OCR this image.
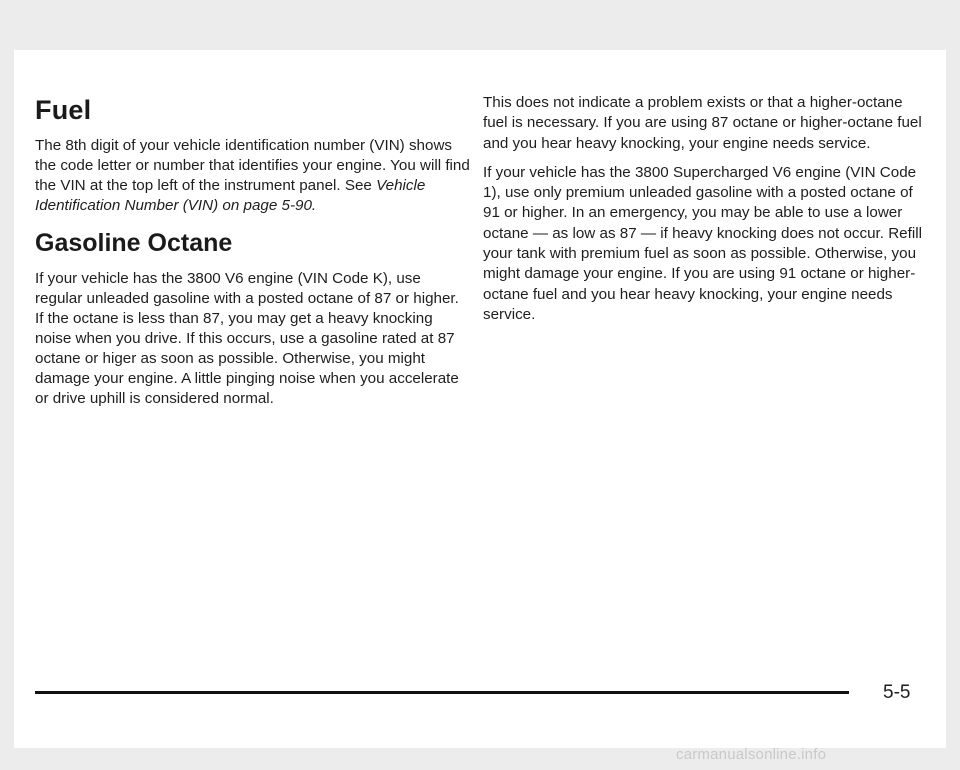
Fuel

The 8th digit of your vehicle identification number (VIN) shows the code letter or number that identifies your engine. You will find the VIN at the top left of the instrument panel. See Vehicle Identification Number (VIN) on page 5-90.

Gasoline Octane

If your vehicle has the 3800 V6 engine (VIN Code K), use regular unleaded gasoline with a posted octane of 87 or higher. If the octane is less than 87, you may get a heavy knocking noise when you drive. If this occurs, use a gasoline rated at 87 octane or higer as soon as possible. Otherwise, you might damage your engine. A little pinging noise when you accelerate or drive uphill is considered normal.

This does not indicate a problem exists or that a higher-octane fuel is necessary. If you are using 87 octane or higher-octane fuel and you hear heavy knocking, your engine needs service.

If your vehicle has the 3800 Supercharged V6 engine (VIN Code 1), use only premium unleaded gasoline with a posted octane of 91 or higher. In an emergency, you may be able to use a lower octane — as low as 87 — if heavy knocking does not occur. Refill your tank with premium fuel as soon as possible. Otherwise, you might damage your engine. If you are using 91 octane or higher-octane fuel and you hear heavy knocking, your engine needs service.

5-5
carmanualsonline.info
